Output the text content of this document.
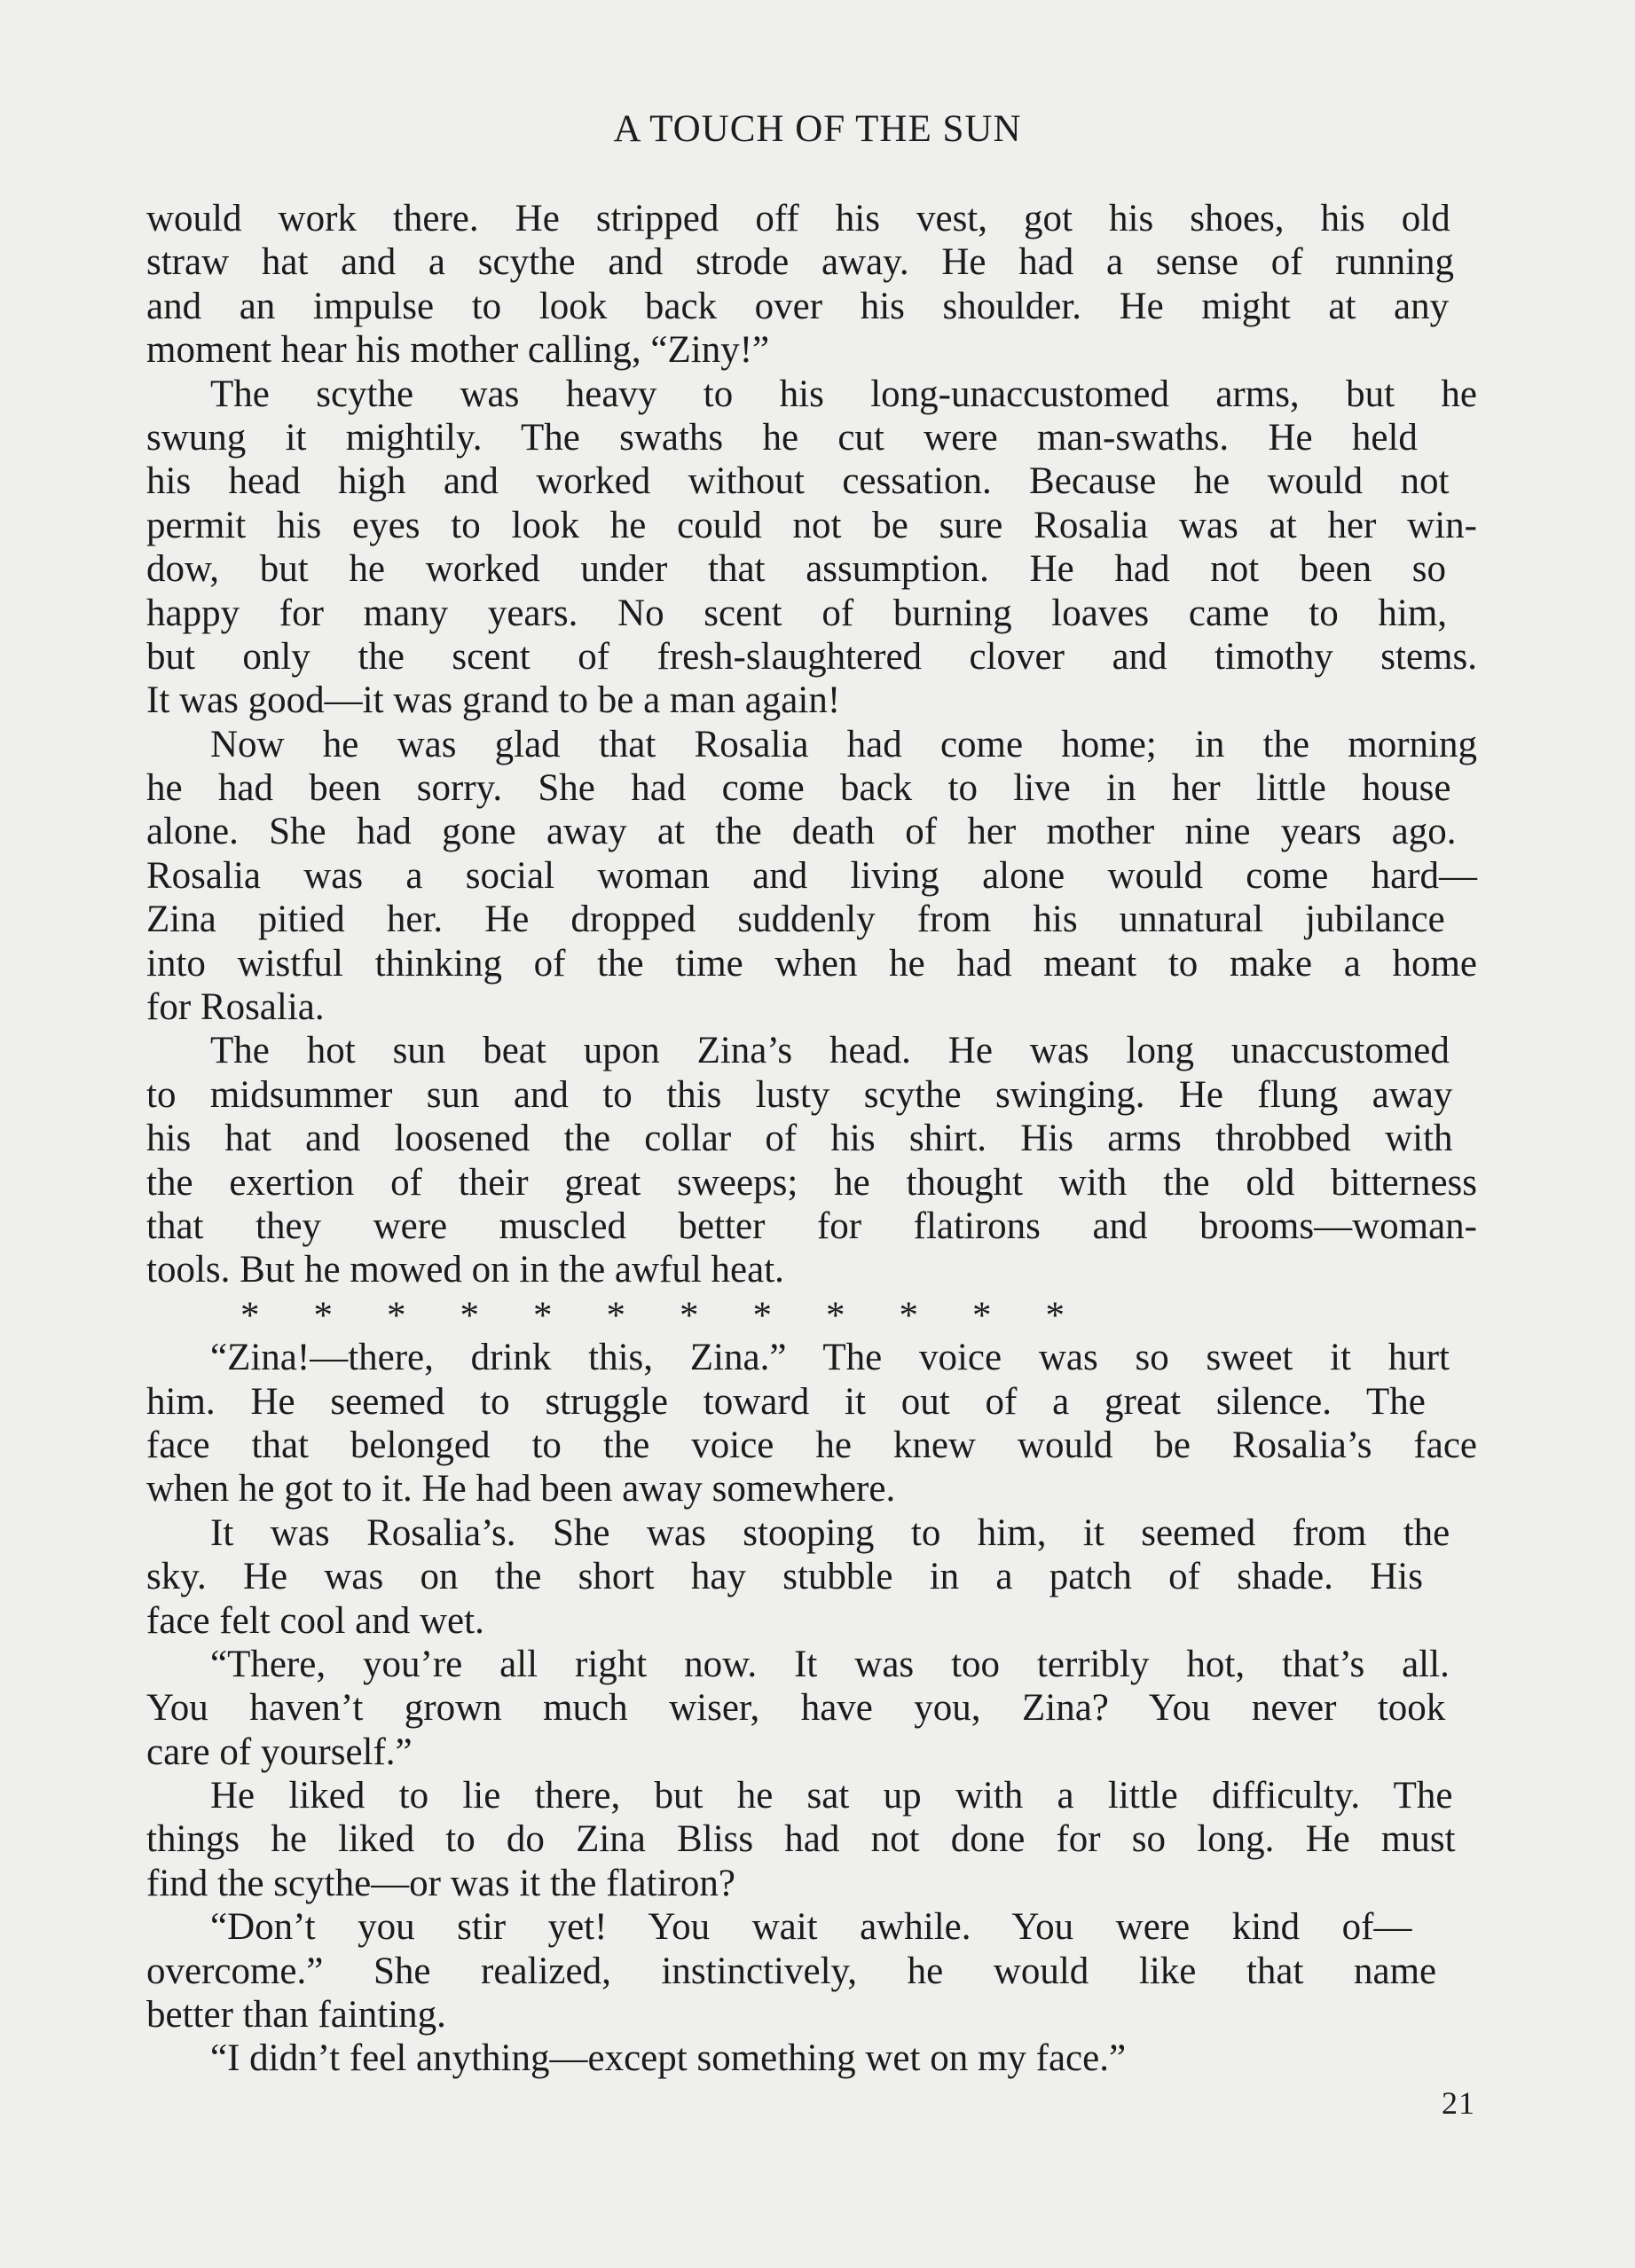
A TOUCH OF THE SUN
would work there. He stripped off his vest, got his shoes, his old
straw hat and a scythe and strode away. He had a sense of running
and an impulse to look back over his shoulder. He might at any
moment hear his mother calling, “Ziny!”
The scythe was heavy to his long-unaccustomed arms, but he
swung it mightily. The swaths he cut were man-swaths. He held
his head high and worked without cessation. Because he would not
permit his eyes to look he could not be sure Rosalia was at her win-
dow, but he worked under that assumption. He had not been so
happy for many years. No scent of burning loaves came to him,
but only the scent of fresh-slaughtered clover and timothy stems.
It was good—it was grand to be a man again!
Now he was glad that Rosalia had come home; in the morning
he had been sorry. She had come back to live in her little house
alone. She had gone away at the death of her mother nine years ago.
Rosalia was a social woman and living alone would come hard—
Zina pitied her. He dropped suddenly from his unnatural jubilance
into wistful thinking of the time when he had meant to make a home
for Rosalia.
The hot sun beat upon Zina’s head. He was long unaccustomed
to midsummer sun and to this lusty scythe swinging. He flung away
his hat and loosened the collar of his shirt. His arms throbbed with
the exertion of their great sweeps; he thought with the old bitterness
that they were muscled better for flatirons and brooms—woman-
tools. But he mowed on in the awful heat.
* * * * * * * * * * * *
“Zina!—there, drink this, Zina.” The voice was so sweet it hurt
him. He seemed to struggle toward it out of a great silence. The
face that belonged to the voice he knew would be Rosalia’s face
when he got to it. He had been away somewhere.
It was Rosalia’s. She was stooping to him, it seemed from the
sky. He was on the short hay stubble in a patch of shade. His
face felt cool and wet.
“There, you’re all right now. It was too terribly hot, that’s all.
You haven’t grown much wiser, have you, Zina? You never took
care of yourself.”
He liked to lie there, but he sat up with a little difficulty. The
things he liked to do Zina Bliss had not done for so long. He must
find the scythe—or was it the flatiron?
“Don’t you stir yet! You wait awhile. You were kind of—
overcome.” She realized, instinctively, he would like that name
better than fainting.
“I didn’t feel anything—except something wet on my face.”
21
